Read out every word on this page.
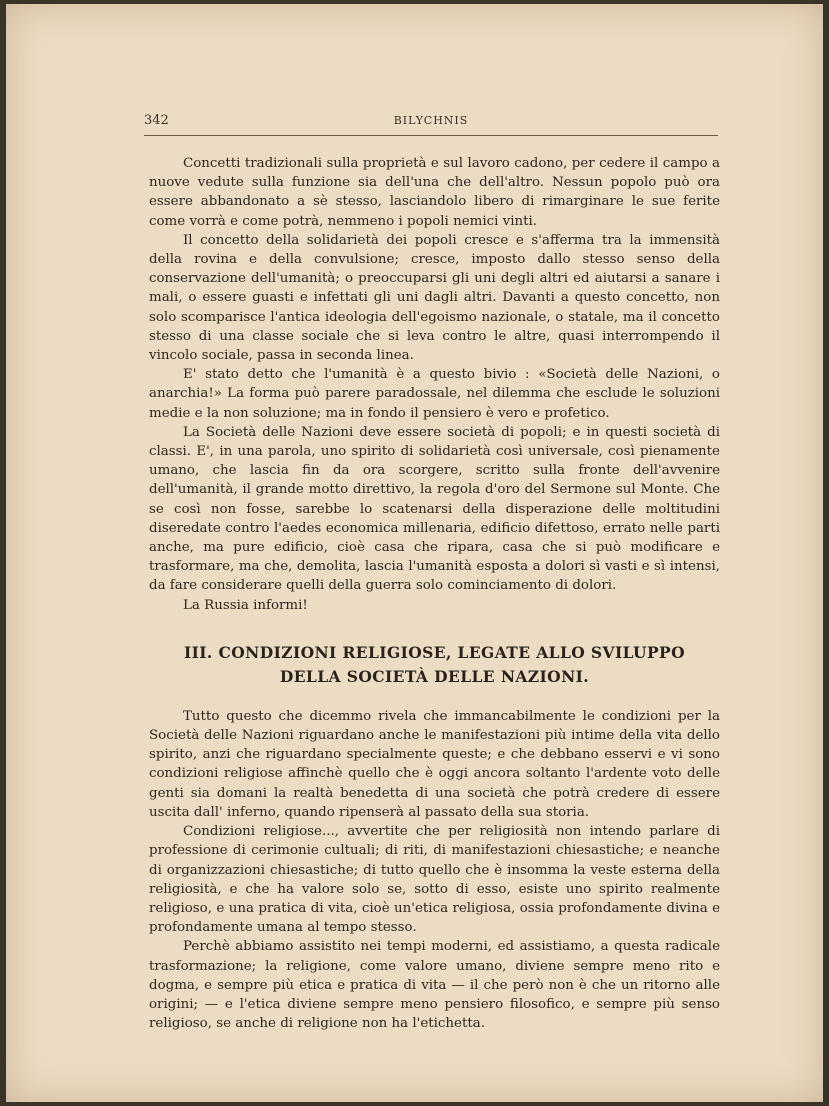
342	BILYCHNIS

Concetti tradizionali sulla proprietà e sul lavoro cadono, per cedere il campo a nuove vedute sulla funzione sia dell'una che dell'altro. Nessun popolo può ora essere abbandonato a sè stesso, lasciandolo libero di rimarginare le sue ferite come vorrà e come potrà, nemmeno i popoli nemici vinti.

Il concetto della solidarietà dei popoli cresce e s'afferma tra la immensità della rovina e della convulsione; cresce, imposto dallo stesso senso della conservazione dell'umanità; o preoccuparsi gli uni degli altri ed aiutarsi a sanare i mali, o essere guasti e infettati gli uni dagli altri. Davanti a questo concetto, non solo scomparisce l'antica ideologia dell'egoismo nazionale, o statale, ma il concetto stesso di una classe sociale che si leva contro le altre, quasi interrompendo il vincolo sociale, passa in seconda linea.

E' stato detto che l'umanità è a questo bivio : «Società delle Nazioni, o anarchia!» La forma può parere paradossale, nel dilemma che esclude le soluzioni medie e la non soluzione; ma in fondo il pensiero è vero e profetico.

La Società delle Nazioni deve essere società di popoli; e in questi società di classi. E', in una parola, uno spirito di solidarietà così universale, così pienamente umano, che lascia fin da ora scorgere, scritto sulla fronte dell'avvenire dell'umanità, il grande motto direttivo, la regola d'oro del Sermone sul Monte. Che se così non fosse, sarebbe lo scatenarsi della disperazione delle moltitudini diseredate contro l'aedes economica millenaria, edificio difettoso, errato nelle parti anche, ma pure edificio, cioè casa che ripara, casa che si può modificare e trasformare, ma che, demolita, lascia l'umanità esposta a dolori sì vasti e sì intensi, da fare considerare quelli della guerra solo cominciamento di dolori.

La Russia informi!

III. CONDIZIONI RELIGIOSE, LEGATE ALLO SVILUPPO
DELLA SOCIETÀ DELLE NAZIONI.

Tutto questo che dicemmo rivela che immancabilmente le condizioni per la Società delle Nazioni riguardano anche le manifestazioni più intime della vita dello spirito, anzi che riguardano specialmente queste; e che debbano esservi e vi sono condizioni religiose affinchè quello che è oggi ancora soltanto l'ardente voto delle genti sia domani la realtà benedetta di una società che potrà credere di essere uscita dall' inferno, quando ripenserà al passato della sua storia.

Condizioni religiose..., avvertite che per religiosità non intendo parlare di professione di cerimonie cultuali; di riti, di manifestazioni chiesastiche; e neanche di organizzazioni chiesastiche; di tutto quello che è insomma la veste esterna della religiosità, e che ha valore solo se, sotto di esso, esiste uno spirito realmente religioso, e una pratica di vita, cioè un'etica religiosa, ossia profondamente divina e profondamente umana al tempo stesso.

Perchè abbiamo assistito nei tempi moderni, ed assistiamo, a questa radicale trasformazione; la religione, come valore umano, diviene sempre meno rito e dogma, e sempre più etica e pratica di vita — il che però non è che un ritorno alle origini; — e l'etica diviene sempre meno pensiero filosofico, e sempre più senso religioso, se anche di religione non ha l'etichetta.
